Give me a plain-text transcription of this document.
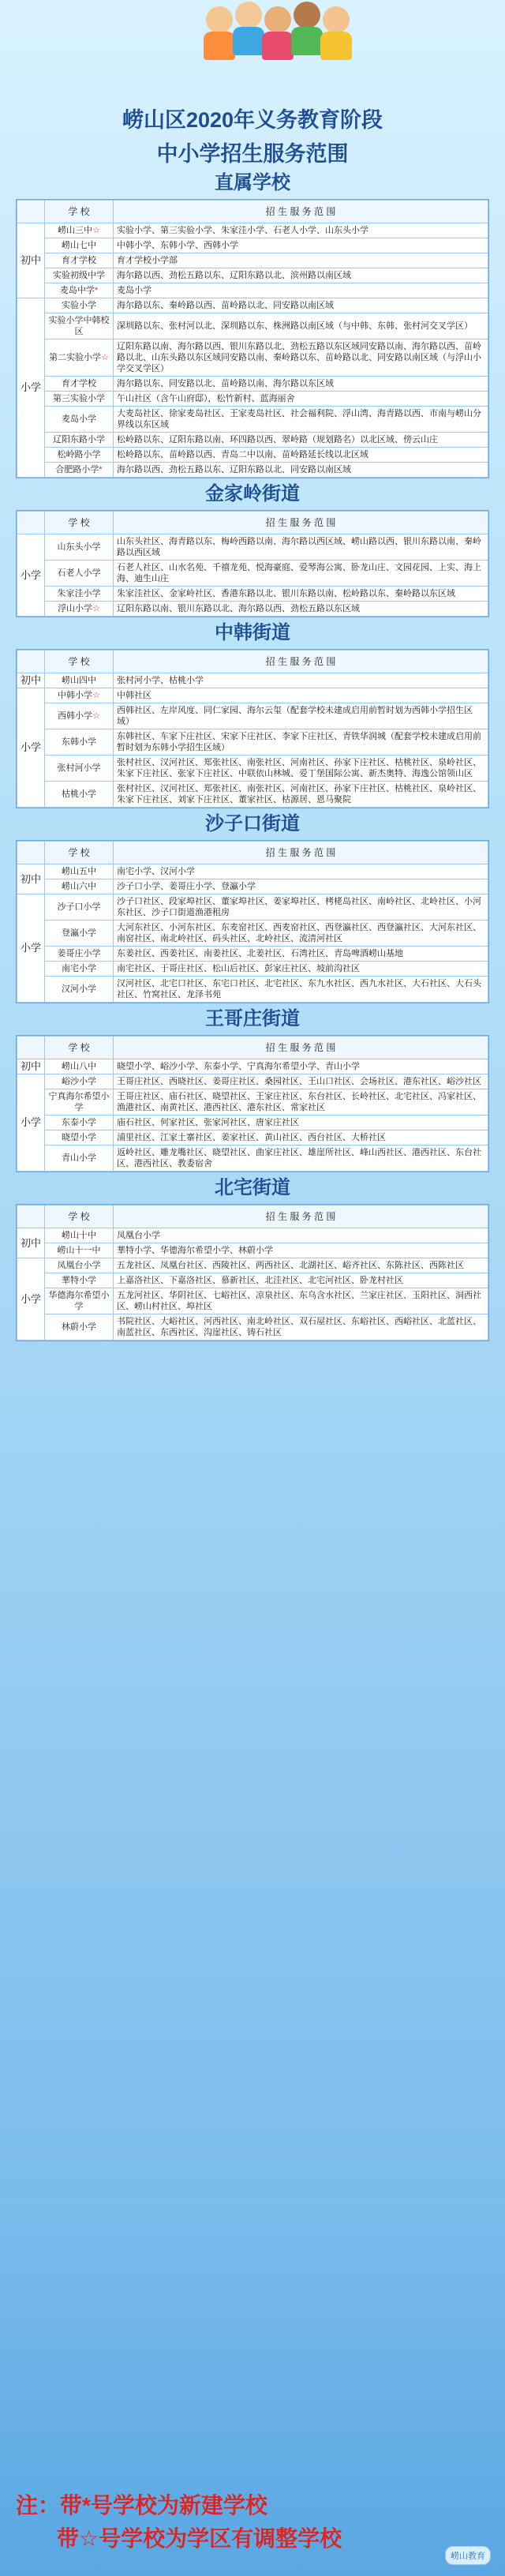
崂山区2020年义务教育阶段
中小学招生服务范围
直属学校
	学 校	招 生 服 务 范 围
初中	崂山三中☆	实验小学、第三实验小学、朱家洼小学、石老人小学、山东头小学
	崂山七中	中韩小学、东韩小学、西韩小学
	育才学校	育才学校小学部
	实验初级中学	海尔路以西、劲松五路以东、辽阳东路以北、滨州路以南区域
	麦岛中学*	麦岛小学
小学	实验小学	海尔路以东、秦岭路以西、苗岭路以北、同安路以南区域
	实验小学中韩校区	深圳路以东、张村河以北、深圳路以东、株洲路以南区域（与中韩、东韩、张村河交叉学区）
	第二实验小学☆	辽阳东路以南、海尔路以西、银川东路以北、劲松五路以东区域同安路以南、海尔路以西、苗岭路以北、山东头路以东区域同安路以南、秦岭路以东、苗岭路以北、同安路以南区域（与浮山小学交叉学区）
	育才学校	海尔路以东、同安路以北、苗岭路以南、海尔路以东区域
	第三实验小学	午山社区（含午山府邸），松竹新村、蓝海丽舍
	麦岛小学	大麦岛社区、徐家麦岛社区、王家麦岛社区、社会福利院、浮山湾、海青路以西、市南与崂山分界线以东区域
	辽阳东路小学	松岭路以东、辽阳东路以南、环四路以西、翠岭路（规划路名）以北区域、傍云山庄
	松岭路小学	松岭路以东、苗岭路以西、青岛二中以南、苗岭路延长线以北区域
	合肥路小学*	海尔路以西、劲松五路以东、辽阳东路以北、同安路以南区域
金家岭街道
	学 校	招 生 服 务 范 围
小学	山东头小学	山东头社区、海青路以东、梅岭西路以南、海尔路以西区域、崂山路以西、银川东路以南、秦岭路以西区域
	石老人小学	石老人社区、山水名苑、千禧龙苑、悦海豪庭、爱琴海公寓、卧龙山庄、文园花园、上实、海上海、迪生山庄
	朱家洼小学	朱家洼社区、金家岭社区、香港东路以北、银川东路以南、松岭路以东、秦岭路以东区域
	浮山小学☆	辽阳东路以南、银川东路以北、海尔路以西、劲松五路以东区域
中韩街道
	学 校	招 生 服 务 范 围
初中	崂山四中	张村河小学、枯桃小学
小学	中韩小学☆	中韩社区
	西韩小学☆	西韩社区、左岸风度、同仁家园、海尔云玺（配套学校未建成启用前暂时划为西韩小学招生区域）
	东韩小学	东韩社区、车家下庄社区、宋家下庄社区、李家下庄社区、青铁华润城（配套学校未建成启用前暂时划为东韩小学招生区域）
	张村河小学	张村社区、汉河社区、郑张社区、南张社区、河南社区、孙家下庄社区、枯桃社区、泉岭社区、朱家下庄社区、张家下庄社区、中联依山林城、爱丁堡国际公寓、新杰奥特、海逸公馆领山区
	枯桃小学	张村社区、汉河社区、郑张社区、南张社区、河南社区、孙家下庄社区、枯桃社区、泉岭社区、朱家下庄社区、刘家下庄社区、董家社区、枯源居、恩马聚院
沙子口街道
	学 校	招 生 服 务 范 围
初中	崂山五中	南宅小学、汉河小学
	崂山六中	沙子口小学、姜哥庄小学、登瀛小学
小学	沙子口小学	沙子口社区、段家埠社区、董家埠社区、姜家埠社区、栲栳岛社区、南岭社区、北岭社区、小河东社区、沙子口街道渔港租房
	登瀛小学	大河东社区、小河东社区、东麦窑社区、西麦窑社区、西登瀛社区、西登瀛社区、大河东社区、南窑社区、南北岭社区、码头社区、北岭社区、流清河社区
	姜哥庄小学	东姜社区、西姜社区、南姜社区、北姜社区、石湾社区、青岛啤酒崂山基地
	南宅小学	南宅社区、于哥庄社区、松山后社区、彭家庄社区、坡前沟社区
	汉河小学	汉河社区、北宅口社区、东宅口社区、北宅社区、东九水社区、西九水社区、大石社区、大石头社区、竹窝社区、龙泽书苑
王哥庄街道
	学 校	招 生 服 务 范 围
初中	崂山八中	晓望小学、峪沙小学、东泰小学、宁真海尔希望小学、青山小学
小学	峪沙小学	王哥庄社区、西晓社区、姜哥庄社区、桑园社区、王山口社区、会场社区、港东社区、峪沙社区
	宁真海尔希望小学	王哥庄社区、庙石社区、晓望社区、王家庄社区、东台社区、长岭社区、北宅社区、冯家社区、渔港社区、南黄社区、港西社区、港东社区、常家社区
	东泰小学	庙石社区、何家社区、张家河社区、唐家庄社区
	晓望小学	浦里社区、江家土寨社区、姜家社区、黄山社区、西台社区、大桥社区
	青山小学	返岭社区、雕龙嘴社区、晓望社区、曲家庄社区、雄崖所社区、峰山西社区、港西社区、东台社区、港西社区、教委宿舍
北宅街道
	学 校	招 生 服 务 范 围
初中	崂山十中	凤凰台小学
	崂山十一中	華特小学、华德海尔希望小学、林蔚小学
小学	凤凰台小学	五龙社区、凤凰台社区、西陵社区、两西社区、北湖社区、峪齐社区、东陈社区、西陈社区
	華特小学	上嘉洛社区、下嘉洛社区、慕新社区、北洼社区、北宅河社区、卧龙村社区
	华德海尔希望小学	五龙河社区、华阴社区、七峪社区、凉泉社区、东乌含水社区、兰家庄社区、玉阳社区、洞西社区、崂山村社区、埠社区
	林蔚小学	书院社区、大峪社区、河西社区、南北岭社区、双石屋社区、东峪社区、西峪社区、北蓝社区、南蓝社区、东西社区、沟崖社区、铸石社区
注：带*号学校为新建学校
带☆号学校为学区有调整学校
崂山教育
